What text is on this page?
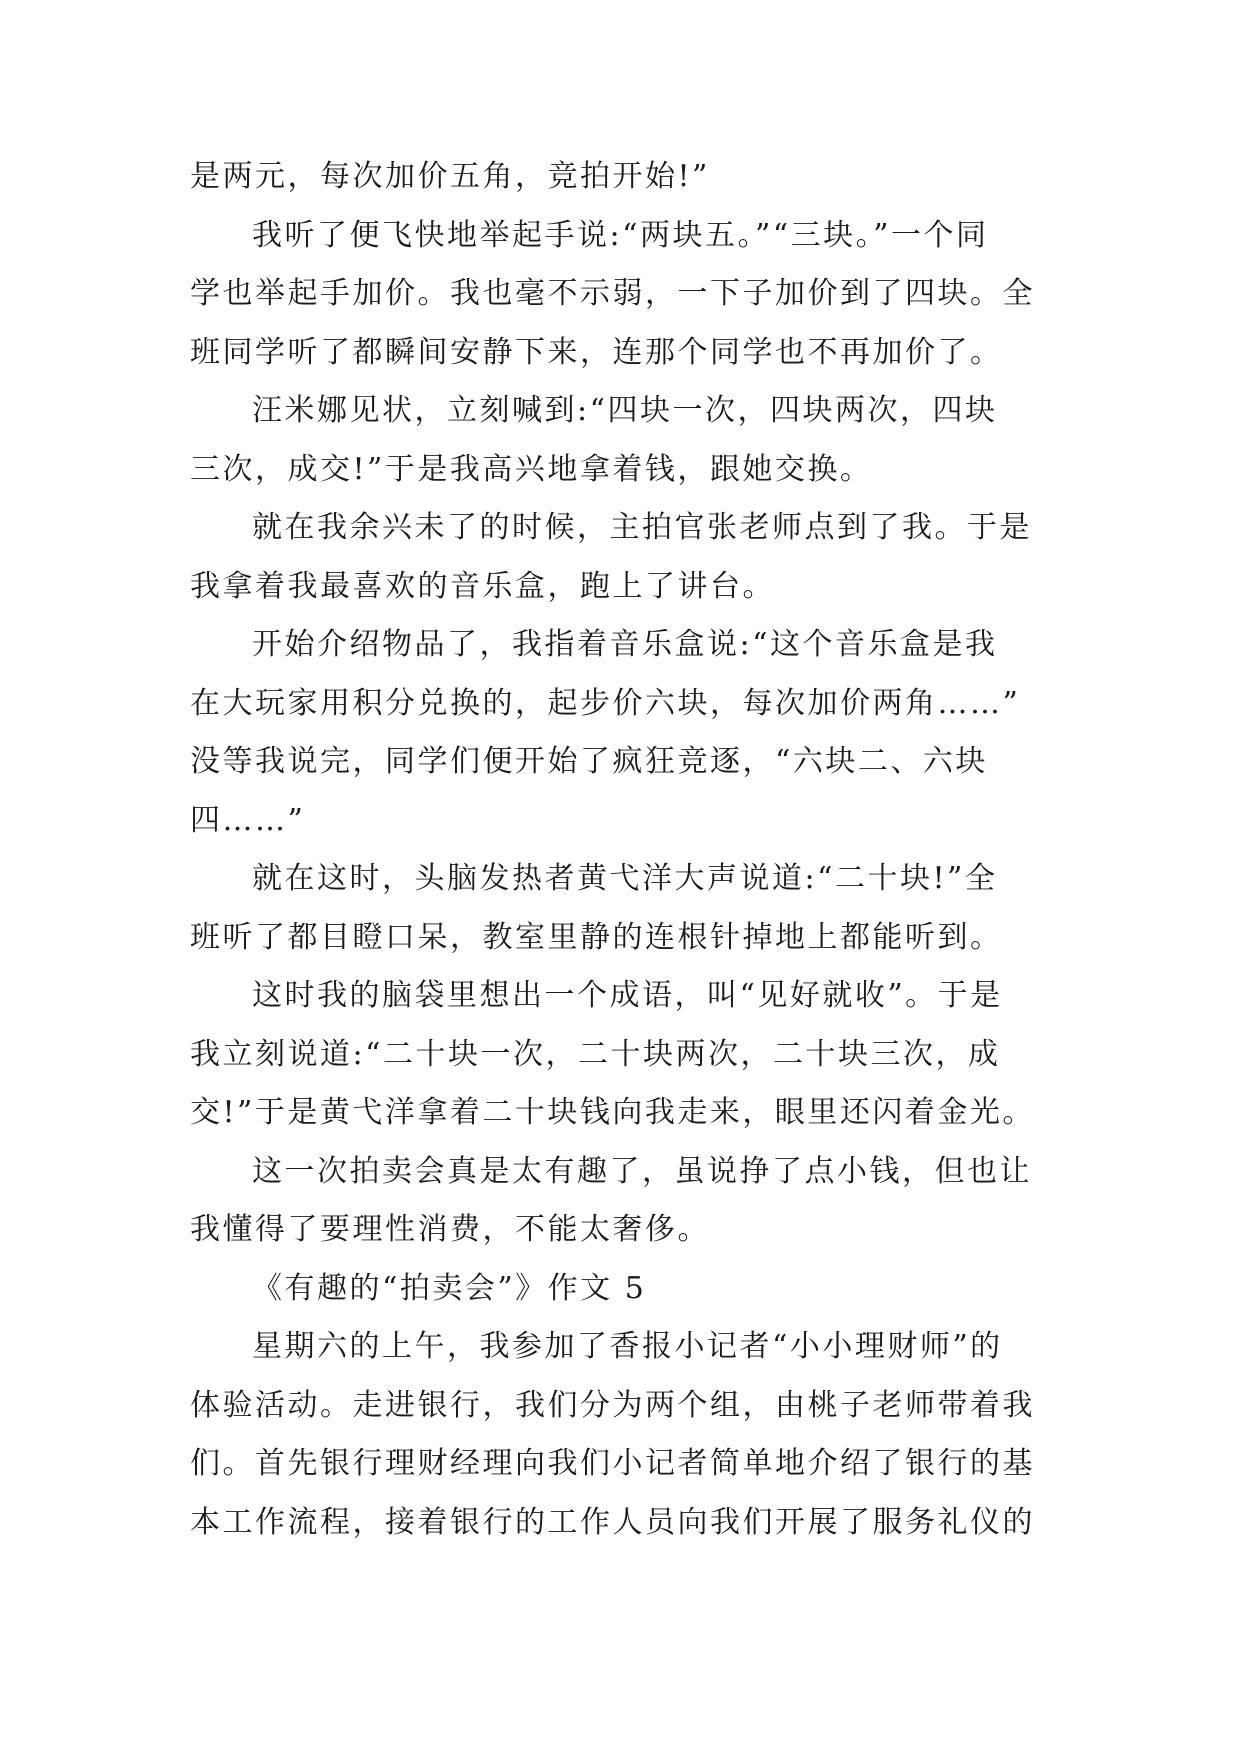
是两元，每次加价五角，竞拍开始!”
我听了便飞快地举起手说:“两块五。”“三块。”一个同
学也举起手加价。我也毫不示弱，一下子加价到了四块。全
班同学听了都瞬间安静下来，连那个同学也不再加价了。
汪米娜见状，立刻喊到:“四块一次，四块两次，四块
三次，成交!”于是我高兴地拿着钱，跟她交换。
就在我余兴未了的时候，主拍官张老师点到了我。于是
我拿着我最喜欢的音乐盒，跑上了讲台。
开始介绍物品了，我指着音乐盒说:“这个音乐盒是我
在大玩家用积分兑换的，起步价六块，每次加价两角……”
没等我说完，同学们便开始了疯狂竞逐，“六块二、六块
四……”
就在这时，头脑发热者黄弋洋大声说道:“二十块!”全
班听了都目瞪口呆，教室里静的连根针掉地上都能听到。
这时我的脑袋里想出一个成语，叫“见好就收”。于是
我立刻说道:“二十块一次，二十块两次，二十块三次，成
交!”于是黄弋洋拿着二十块钱向我走来，眼里还闪着金光。
这一次拍卖会真是太有趣了，虽说挣了点小钱，但也让
我懂得了要理性消费，不能太奢侈。
《有趣的“拍卖会”》作文 5
星期六的上午，我参加了香报小记者“小小理财师”的
体验活动。走进银行，我们分为两个组，由桃子老师带着我
们。首先银行理财经理向我们小记者简单地介绍了银行的基
本工作流程，接着银行的工作人员向我们开展了服务礼仪的
